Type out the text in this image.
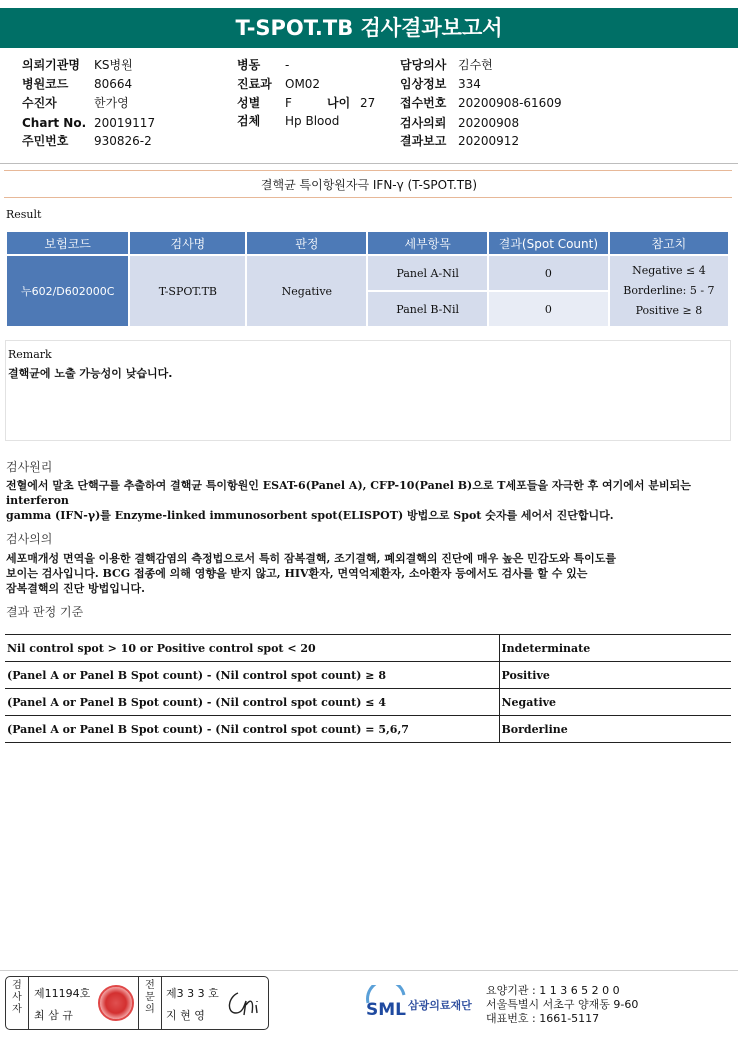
T-SPOT.TB 검사결과보고서
의뢰기관명 KS병원
병원코드 80664
수진자	한가영
Chart No. 20019117
주민번호 930826-2
병동 -
진료과 OM02
성별 F	나이 27
검체 Hp Blood
담당의사 김수현
임상정보 334
접수번호 20200908-61609
검사의뢰 20200908
결과보고 20200912
결핵균 특이항원자극 IFN-γ (T-SPOT.TB)
Result
보험코드	검사명	판정	세부항목	결과(Spot Count)	참고치
누602/D602000C	T-SPOT.TB	Negative	Panel A-Nil	0	Negative ≤ 4
Borderline: 5 - 7
Positive ≥ 8

			Panel B-Nil	0	
Remark
결핵균에 노출 가능성이 낮습니다.
검사원리
전혈에서 말초 단핵구를 추출하여 결핵균 특이항원인 ESAT-6(Panel A), CFP-10(Panel B)으로 T세포들을 자극한 후 여기에서 분비되는
interferon
gamma (IFN-γ)를 Enzyme-linked immunosorbent spot(ELISPOT) 방법으로 Spot 숫자를 세어서 진단합니다.
검사의의
세포매개성 면역을 이용한 결핵감염의 측정법으로서 특히 잠복결핵, 조기결핵, 폐외결핵의 진단에 매우 높은 민감도와 특이도를
보이는 검사입니다. BCG 접종에 의해 영향을 받지 않고, HIV환자, 면역억제환자, 소아환자 등에서도 검사를 할 수 있는
잠복결핵의 진단 방법입니다.
결과 판정 기준
Nil control spot > 10 or Positive control spot < 20	Indeterminate
(Panel A or Panel B Spot count) - (Nil control spot count) ≥ 8	Positive
(Panel A or Panel B Spot count) - (Nil control spot count) ≤ 4	Negative
(Panel A or Panel B Spot count) - (Nil control spot count) = 5,6,7	Borderline
검사자
제11194호
최 삼 규
전문의
제3 3 3 호
지 현 영	SML 삼광의료재단
요양기관 : 1 1 3 6 5 2 0 0
서울특별시 서초구 양재동 9-60
대표번호 : 1661-5117
